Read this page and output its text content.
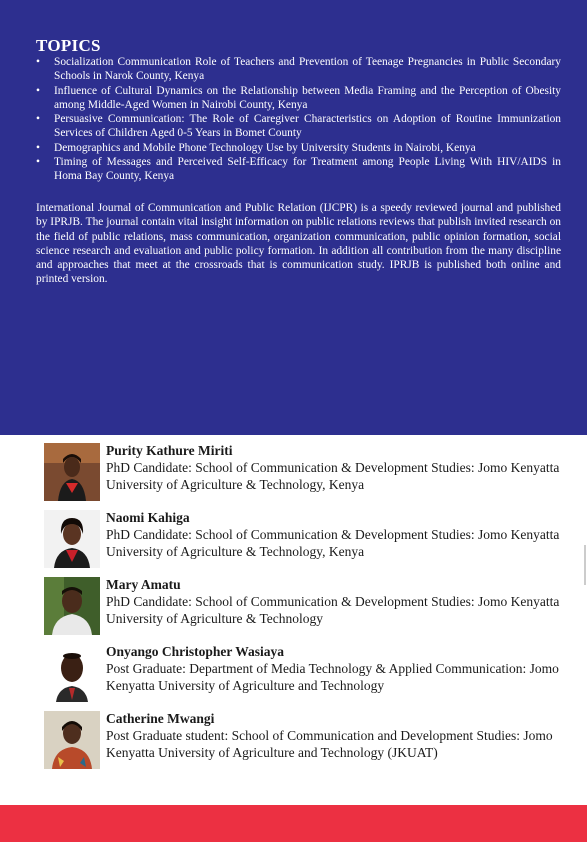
TOPICS
• Socialization Communication Role of Teachers and Prevention of Teenage Pregnancies in Public Secondary Schools in Narok County, Kenya
• Influence of Cultural Dynamics on the Relationship between Media Framing and the Perception of Obesity among Middle-Aged Women in Nairobi County, Kenya
• Persuasive Communication: The Role of Caregiver Characteristics on Adoption of Routine Immunization Services of Children Aged 0-5 Years in Bomet County
• Demographics and Mobile Phone Technology Use by University Students in Nairobi, Kenya
• Timing of Messages and Perceived Self-Efficacy for Treatment among People Living With HIV/AIDS in Homa Bay County, Kenya

International Journal of Communication and Public Relation (IJCPR) is a speedy reviewed journal and published by IPRJB. The journal contain vital insight information on public relations reviews that publish invited research on the field of public relations, mass communication, organization communication, public opinion formation, social science research and evaluation and public policy formation. In addition all contribution from the many discipline and approaches that meet at the crossroads that is communication study. IPRJB is published both online and printed version.

Purity Kathure Miriti
PhD Candidate: School of Communication & Development Studies: Jomo Kenyatta University of Agriculture & Technology, Kenya
Naomi Kahiga
PhD Candidate: School of Communication & Development Studies: Jomo Kenyatta University of Agriculture & Technology, Kenya
Mary Amatu
PhD Candidate: School of Communication & Development Studies: Jomo Kenyatta University of Agriculture & Technology
Onyango Christopher Wasiaya
Post Graduate: Department of Media Technology & Applied Communication: Jomo Kenyatta University of Agriculture and Technology
Catherine Mwangi
Post Graduate student: School of Communication and Development Studies: Jomo Kenyatta University of Agriculture and Technology (JKUAT)
